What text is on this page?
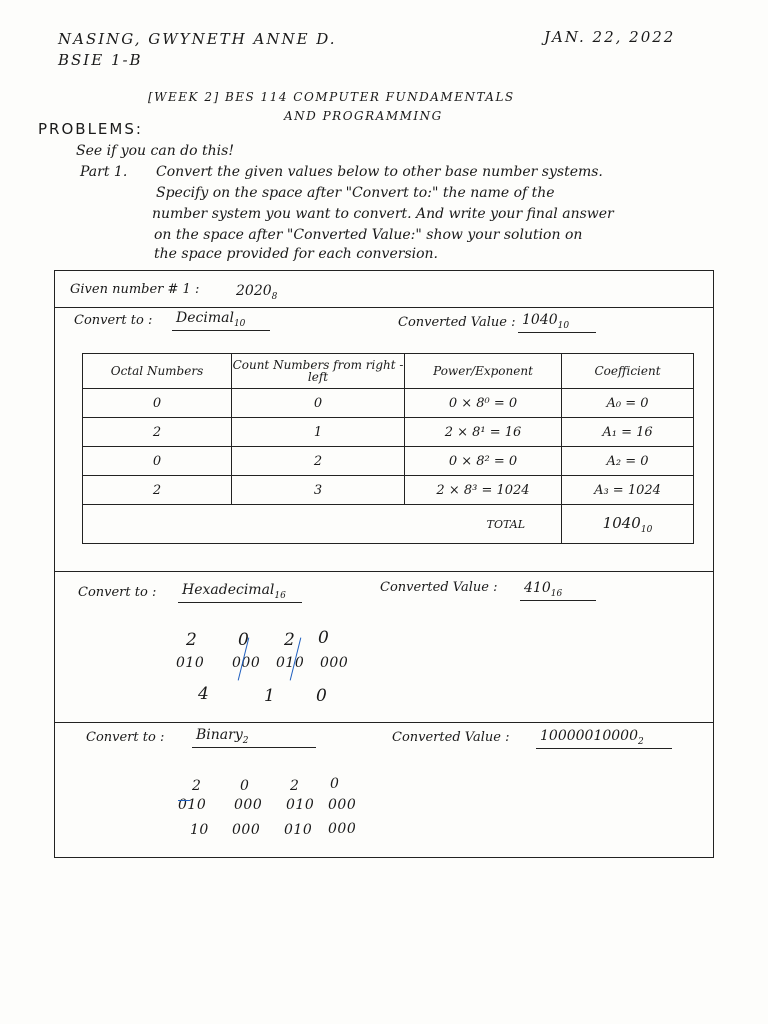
NASING, GWYNETH ANNE D.
BSIE 1-B
JAN. 22, 2022
[WEEK 2] BES 114 COMPUTER FUNDAMENTALS
AND PROGRAMMING
PROBLEMS:
See if you can do this!
Part 1. Convert the given values below to other base number systems.
Specify on the space after "Convert to:" the name of the
number system you want to convert. And write your final answer
on the space after "Converted Value:" show your solution on
the space provided for each conversion.
Given number # 1 :	$2020_8$
Convert to : Decimal$_{10}$	Converted Value : $1040_{10}$
Octal Numbers	Count Numbers from right - left	Power/Exponent	Coefficient
0	0	0 × 8⁰ = 0	A₀ = 0
2	1	2 × 8¹ = 16	A₁ = 16
0	2	0 × 8² = 0	A₂ = 0
2	3	2 × 8³ = 1024	A₃ = 1024
TOTAL			$1040_{10}$
Convert to : Hexadecimal$_{16}$
Converted Value : $410_{16}$
2 0 2 0
010 000 010 000
4	1 0
Convert to : Binary$_2$	Converted Value : $10000010000_2$
2	0	2 0
010 000 010 000
10 000 010 000
